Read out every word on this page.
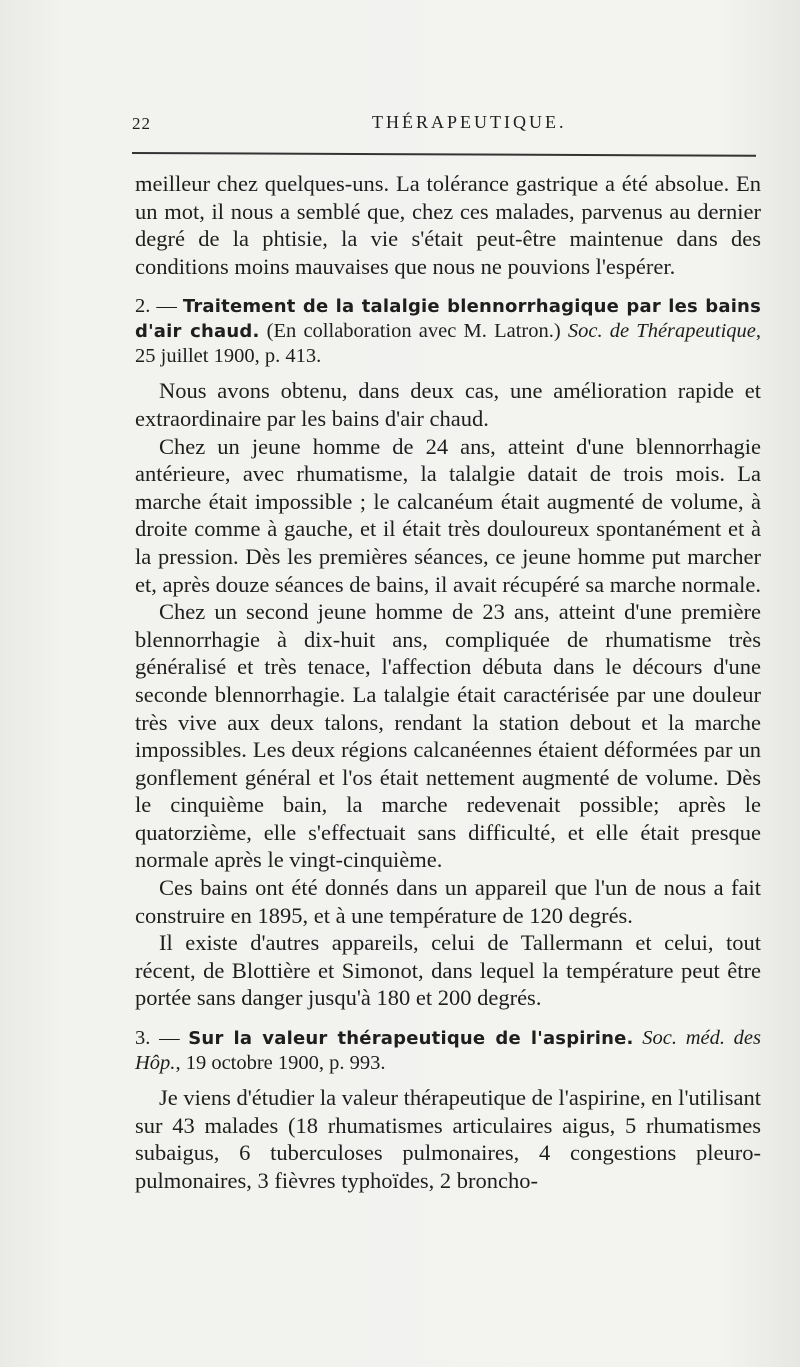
22	THÉRAPEUTIQUE.

meilleur chez quelques-uns. La tolérance gastrique a été absolue. En un mot, il nous a semblé que, chez ces malades, parvenus au dernier degré de la phtisie, la vie s'était peut-être maintenue dans des conditions moins mauvaises que nous ne pouvions l'espérer.

2. — Traitement de la talalgie blennorrhagique par les bains d'air chaud. (En collaboration avec M. Latron.) Soc. de Thérapeutique, 25 juillet 1900, p. 413.

Nous avons obtenu, dans deux cas, une amélioration rapide et extraordinaire par les bains d'air chaud.

Chez un jeune homme de 24 ans, atteint d'une blennorrhagie antérieure, avec rhumatisme, la talalgie datait de trois mois. La marche était impossible ; le calcanéum était augmenté de volume, à droite comme à gauche, et il était très douloureux spontanément et à la pression. Dès les premières séances, ce jeune homme put marcher et, après douze séances de bains, il avait récupéré sa marche normale.

Chez un second jeune homme de 23 ans, atteint d'une première blennorrhagie à dix-huit ans, compliquée de rhumatisme très généralisé et très tenace, l'affection débuta dans le décours d'une seconde blennorrhagie. La talalgie était caractérisée par une douleur très vive aux deux talons, rendant la station debout et la marche impossibles. Les deux régions calcanéennes étaient déformées par un gonflement général et l'os était nettement augmenté de volume. Dès le cinquième bain, la marche redevenait possible; après le quatorzième, elle s'effectuait sans difficulté, et elle était presque normale après le vingt-cinquième.

Ces bains ont été donnés dans un appareil que l'un de nous a fait construire en 1895, et à une température de 120 degrés.

Il existe d'autres appareils, celui de Tallermann et celui, tout récent, de Blottière et Simonot, dans lequel la température peut être portée sans danger jusqu'à 180 et 200 degrés.

3. — Sur la valeur thérapeutique de l'aspirine. Soc. méd. des Hôp., 19 octobre 1900, p. 993.

Je viens d'étudier la valeur thérapeutique de l'aspirine, en l'utilisant sur 43 malades (18 rhumatismes articulaires aigus, 5 rhumatismes subaigus, 6 tuberculoses pulmonaires, 4 congestions pleuro-pulmonaires, 3 fièvres typhoïdes, 2 broncho-
